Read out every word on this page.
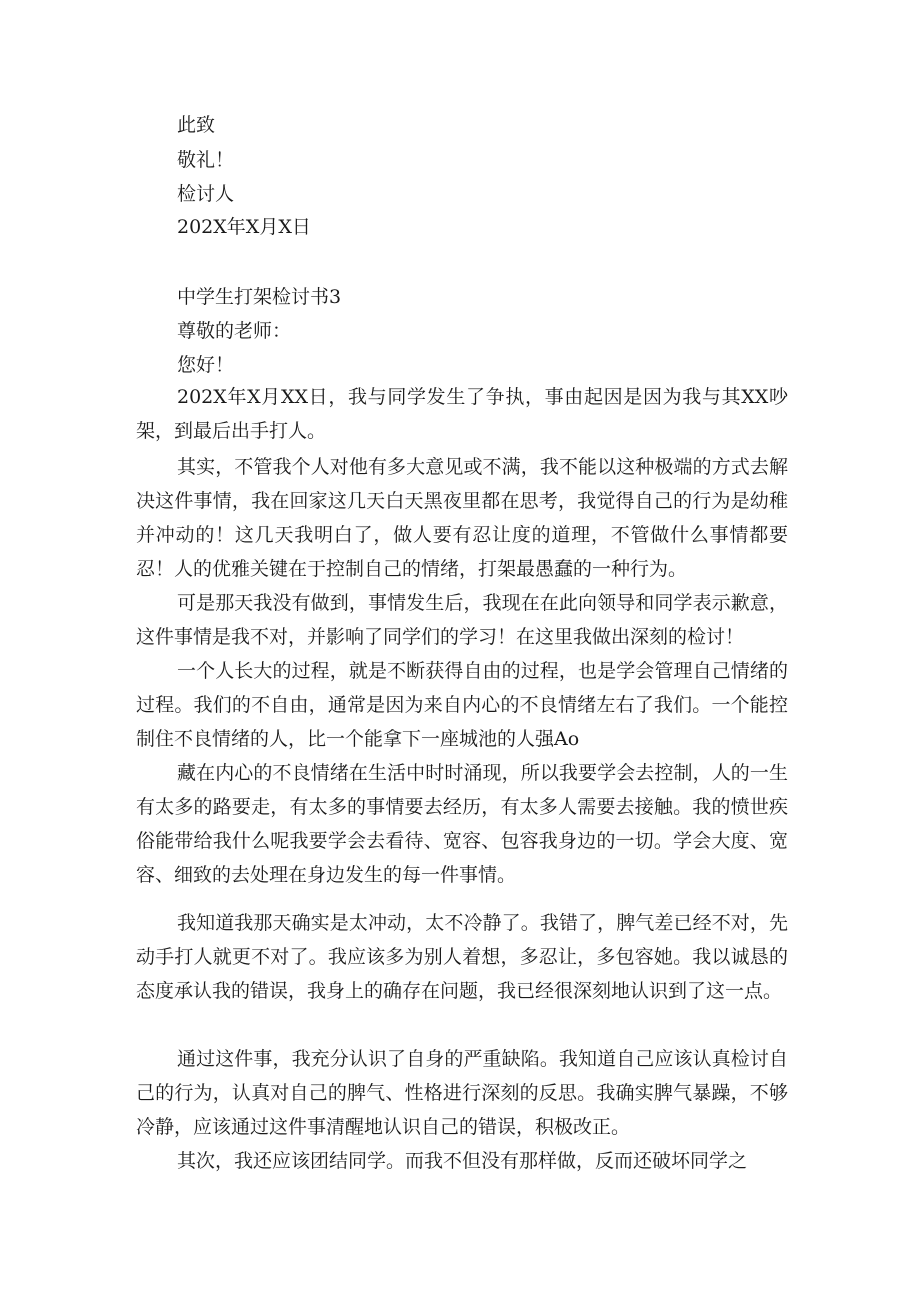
此致
敬礼！
检讨人
202X年X月X日
中学生打架检讨书3
尊敬的老师：
您好！

202X年X月XX日，我与同学发生了争执，事由起因是因为我与其XX吵架，到最后出手打人。

其实，不管我个人对他有多大意见或不满，我不能以这种极端的方式去解决这件事情，我在回家这几天白天黑夜里都在思考，我觉得自己的行为是幼稚并冲动的！这几天我明白了，做人要有忍让度的道理，不管做什么事情都要忍！人的优雅关键在于控制自己的情绪，打架最愚蠢的一种行为。

可是那天我没有做到，事情发生后，我现在在此向领导和同学表示歉意，这件事情是我不对，并影响了同学们的学习！在这里我做出深刻的检讨！

一个人长大的过程，就是不断获得自由的过程，也是学会管理自己情绪的过程。我们的不自由，通常是因为来自内心的不良情绪左右了我们。一个能控制住不良情绪的人，比一个能拿下一座城池的人强Ao

藏在内心的不良情绪在生活中时时涌现，所以我要学会去控制，人的一生有太多的路要走，有太多的事情要去经历，有太多人需要去接触。我的愤世疾俗能带给我什么呢我要学会去看待、宽容、包容我身边的一切。学会大度、宽容、细致的去处理在身边发生的每一件事情。

我知道我那天确实是太冲动，太不冷静了。我错了，脾气差已经不对，先动手打人就更不对了。我应该多为别人着想，多忍让，多包容她。我以诚恳的态度承认我的错误，我身上的确存在问题，我已经很深刻地认识到了这一点。

通过这件事，我充分认识了自身的严重缺陷。我知道自己应该认真检讨自己的行为，认真对自己的脾气、性格进行深刻的反思。我确实脾气暴躁，不够冷静，应该通过这件事清醒地认识自己的错误，积极改正。

其次，我还应该团结同学。而我不但没有那样做，反而还破坏同学之
